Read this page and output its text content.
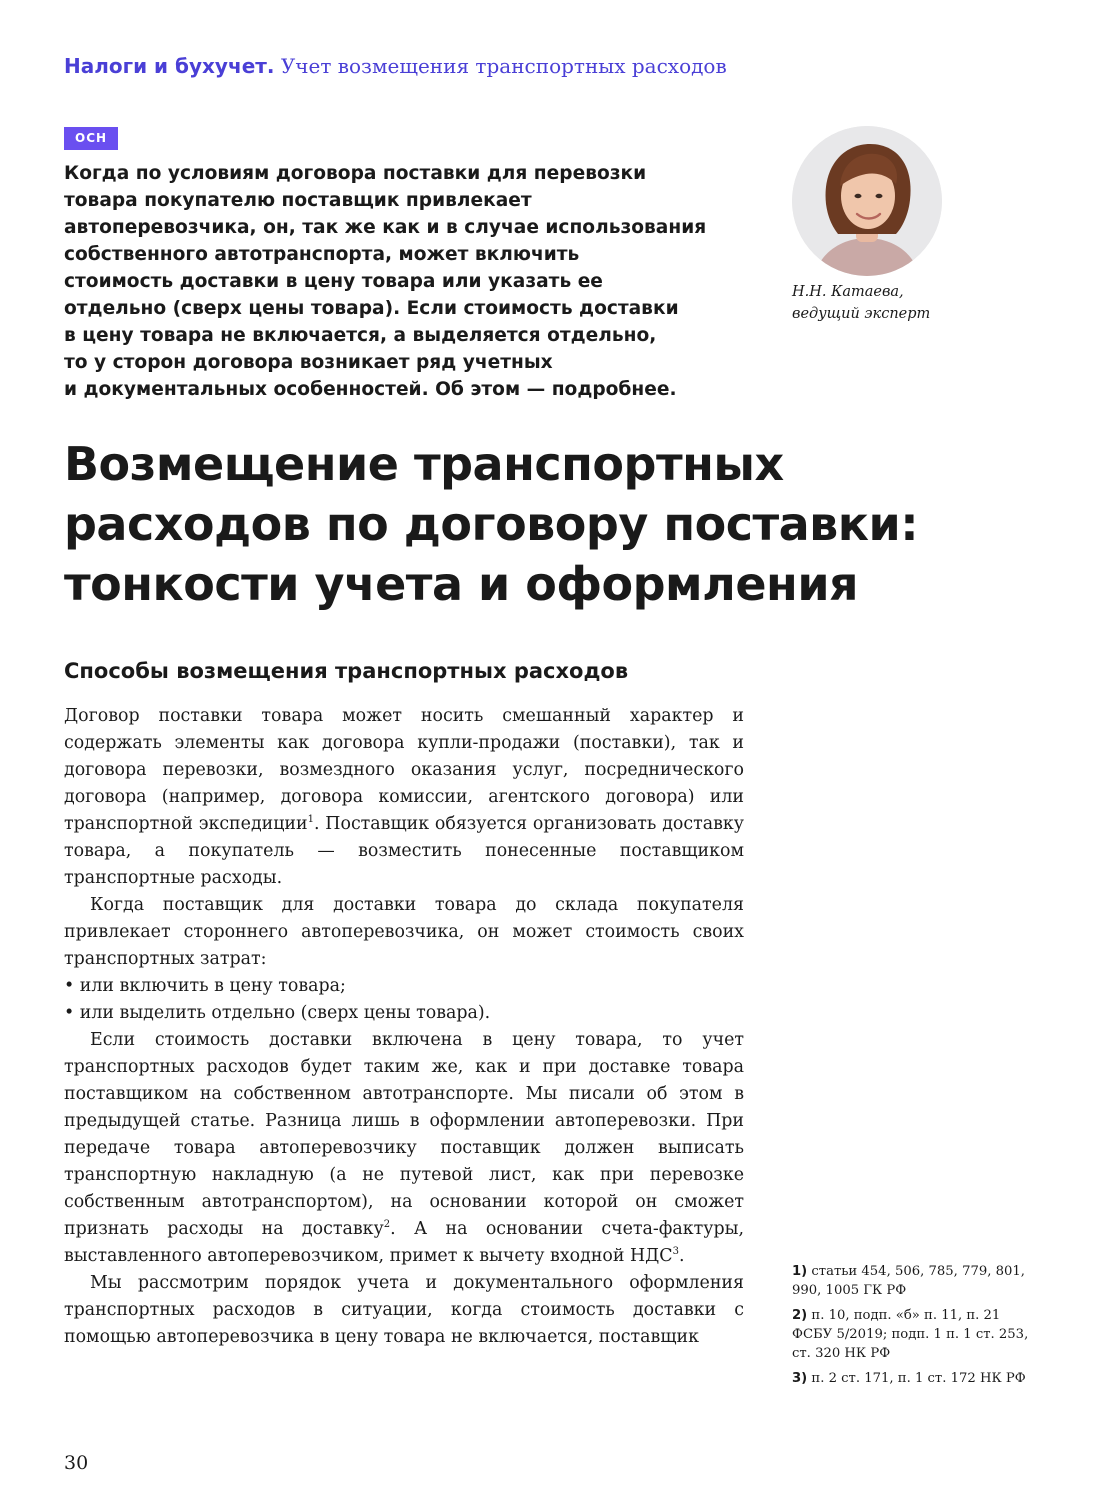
Налоги и бухучет. Учет возмещения транспортных расходов
ОСН
Когда по условиям договора поставки для перевозки
товара покупателю поставщик привлекает
автоперевозчика, он, так же как и в случае использования
собственного автотранспорта, может включить
стоимость доставки в цену товара или указать ее
отдельно (сверх цены товара). Если стоимость доставки
в цену товара не включается, а выделяется отдельно,
то у сторон договора возникает ряд учетных
и документальных особенностей. Об этом — подробнее.
Н.Н. Катаева,
ведущий эксперт
Возмещение транспортных
расходов по договору поставки:
тонкости учета и оформления
Способы возмещения транспортных расходов

Договор поставки товара может носить смешанный характер и содержать элементы как договора купли-продажи (поставки), так и договора перевозки, возмездного оказания услуг, посреднического договора (например, договора комиссии, агентского договора) или транспортной экспедиции$^1$. Поставщик обязуется организовать доставку товара, а покупатель — возместить понесенные поставщиком транспортные расходы.

Когда поставщик для доставки товара до склада покупателя привлекает стороннего автоперевозчика, он может стоимость своих транспортных затрат:

• или включить в цену товара;

• или выделить отдельно (сверх цены товара).

Если стоимость доставки включена в цену товара, то учет транспортных расходов будет таким же, как и при доставке товара поставщиком на собственном автотранспорте. Мы писали об этом в предыдущей статье. Разница лишь в оформлении автоперевозки. При передаче товара автоперевозчику поставщик должен выписать транспортную накладную (а не путевой лист, как при перевозке собственным автотранспортом), на основании которой он сможет признать расходы на доставку$^2$. А на основании счета-фактуры, выставленного автоперевозчиком, примет к вычету входной НДС$^3$.

Мы рассмотрим порядок учета и документального оформления транспортных расходов в ситуации, когда стоимость доставки с помощью автоперевозчика в цену товара не включается, поставщик

1) статьи 454, 506, 785, 779, 801, 990, 1005 ГК РФ
2) п. 10, подп. «б» п. 11, п. 21 ФСБУ 5/2019; подп. 1 п. 1 ст. 253, ст. 320 НК РФ
3) п. 2 ст. 171, п. 1 ст. 172 НК РФ
30
